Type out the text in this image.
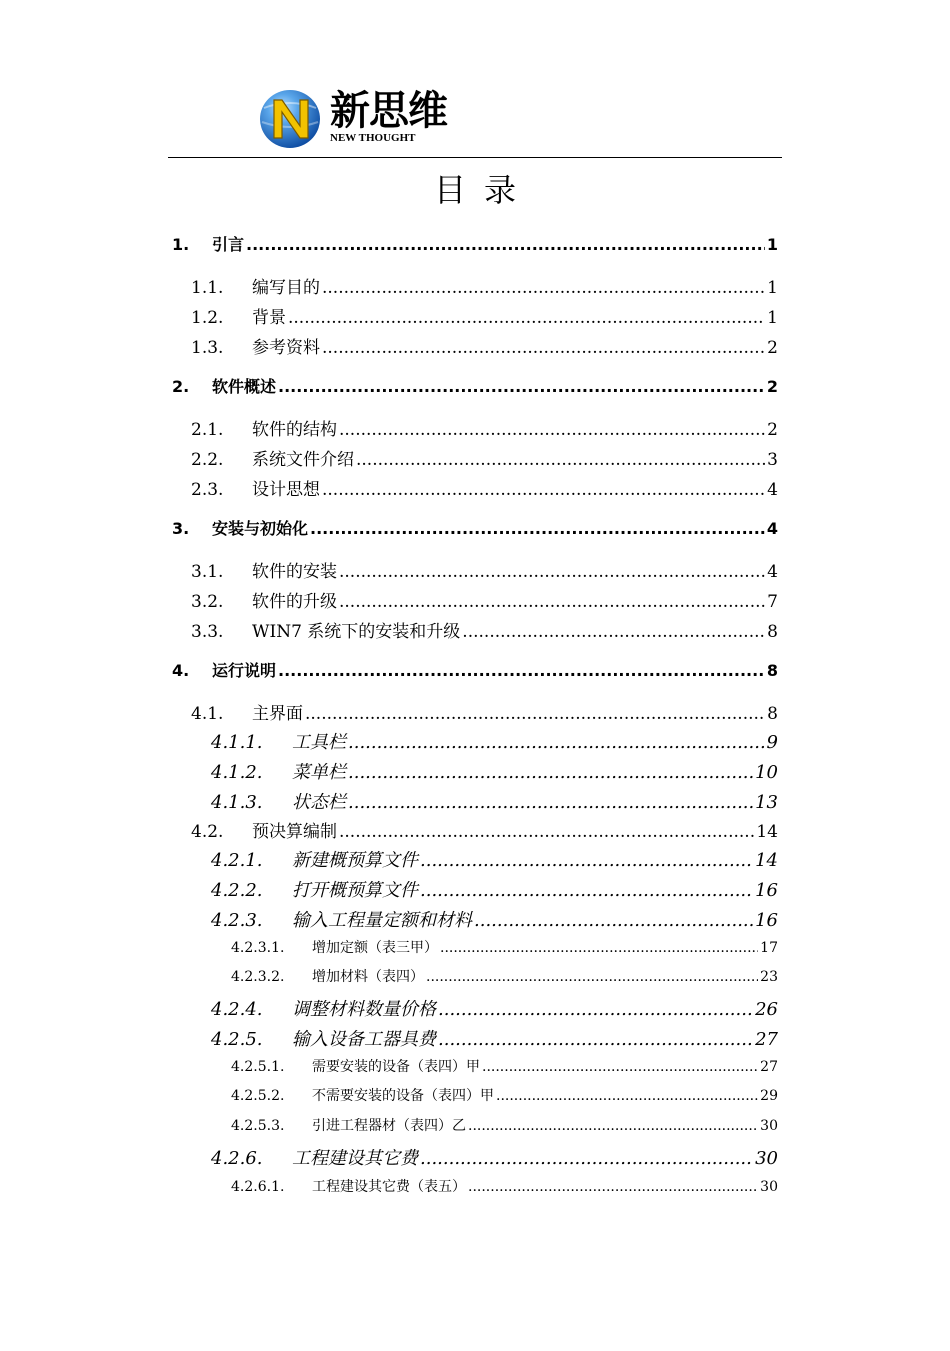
新思维
NEW THOUGHT
目录
1.	引言 .....	1
1.1.	编写目的 .....	1
1.2.	背景 .....	1
1.3.	参考资料 .....	2
2.	软件概述 .....	2
2.1.	软件的结构 .....	2
2.2.	系统文件介绍 .....	3
2.3.	设计思想 .....	4
3.	安装与初始化 .....	4
3.1.	软件的安装 .....	4
3.2.	软件的升级 .....	7
3.3.	WIN7 系统下的安装和升级 .....	8
4.	运行说明 .....	8
4.1.	主界面 .....	8
4.1.1.	工具栏 .....	9
4.1.2.	菜单栏 .....	10
4.1.3.	状态栏 .....	13
4.2.	预决算编制 .....	14
4.2.1.	新建概预算文件 .....	14
4.2.2.	打开概预算文件 .....	16
4.2.3.	输入工程量定额和材料 .....	16
4.2.3.1.	增加定额（表三甲） .....	17
4.2.3.2.	增加材料（表四） .....	23
4.2.4.	调整材料数量价格 .....	26
4.2.5.	输入设备工器具费 .....	27
4.2.5.1.	需要安装的设备（表四）甲 .....	27
4.2.5.2.	不需要安装的设备（表四）甲 .....	29
4.2.5.3.	引进工程器材（表四）乙 .....	30
4.2.6.	工程建设其它费 .....	30
4.2.6.1.	工程建设其它费（表五） .....	30
